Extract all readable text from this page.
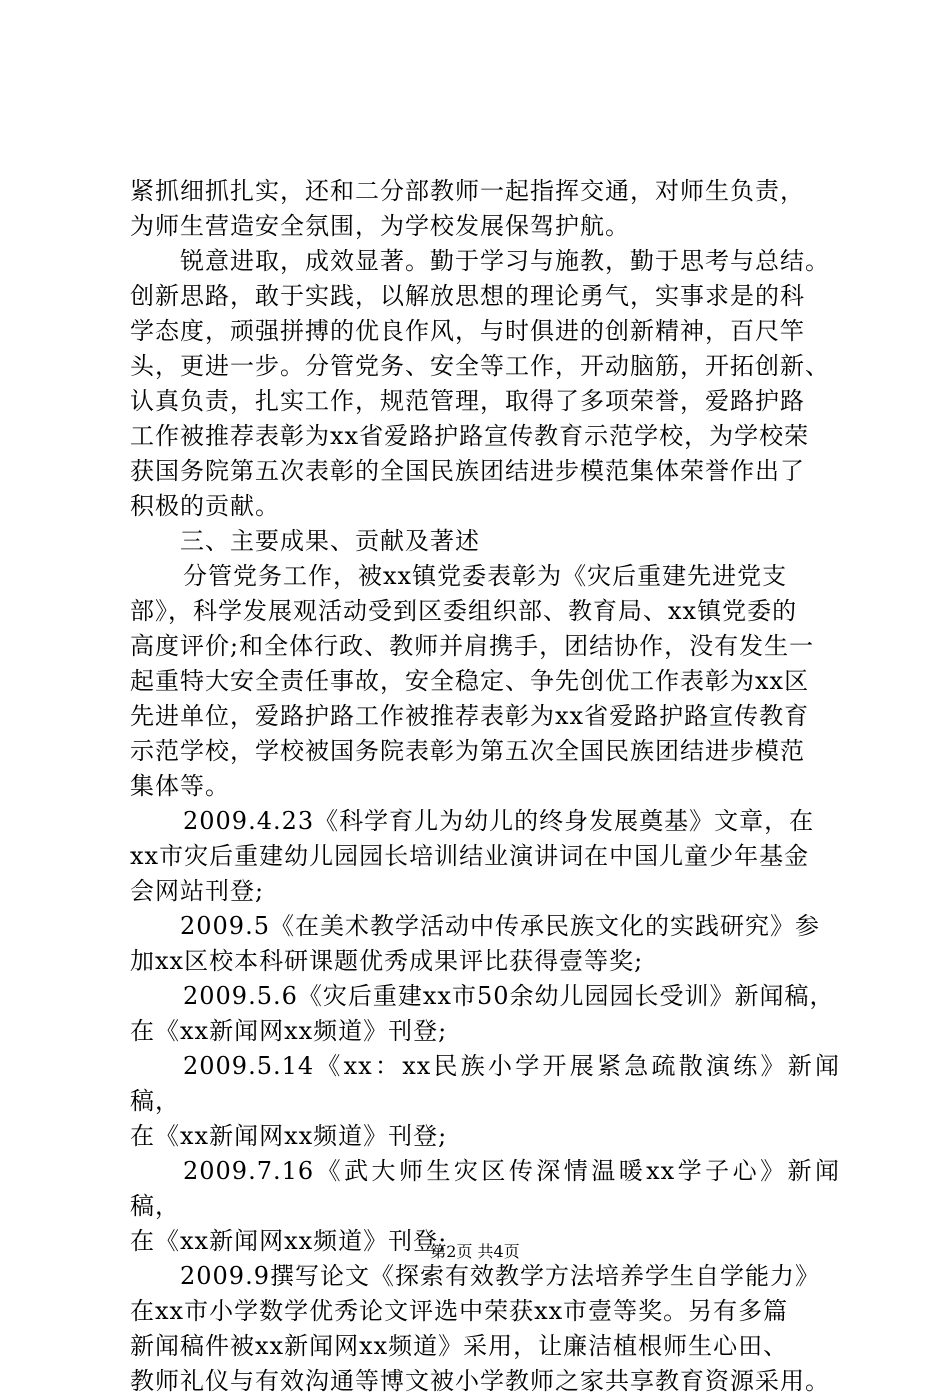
紧抓细抓扎实，还和二分部教师一起指挥交通，对师生负责，
为师生营造安全氛围，为学校发展保驾护航。

锐意进取，成效显著。勤于学习与施教，勤于思考与总结。
创新思路，敢于实践，以解放思想的理论勇气，实事求是的科
学态度，顽强拼搏的优良作风，与时俱进的创新精神，百尺竿
头，更进一步。分管党务、安全等工作，开动脑筋，开拓创新、
认真负责，扎实工作，规范管理，取得了多项荣誉，爱路护路
工作被推荐表彰为xx省爱路护路宣传教育示范学校，为学校荣
获国务院第五次表彰的全国民族团结进步模范集体荣誉作出了
积极的贡献。

三、主要成果、贡献及著述

分管党务工作，被xx镇党委表彰为《灾后重建先进党支
部》，科学发展观活动受到区委组织部、教育局、xx镇党委的
高度评价;和全体行政、教师并肩携手，团结协作，没有发生一
起重特大安全责任事故，安全稳定、争先创优工作表彰为xx区
先进单位，爱路护路工作被推荐表彰为xx省爱路护路宣传教育
示范学校，学校被国务院表彰为第五次全国民族团结进步模范
集体等。

2009.4.23《科学育儿为幼儿的终身发展奠基》文章，在
xx市灾后重建幼儿园园长培训结业演讲词在中国儿童少年基金
会网站刊登;

2009.5《在美术教学活动中传承民族文化的实践研究》参
加xx区校本科研课题优秀成果评比获得壹等奖;

2009.5.6《灾后重建xx市50余幼儿园园长受训》新闻稿，
在《xx新闻网xx频道》刊登;

2009.5.14《xx：xx民族小学开展紧急疏散演练》新闻稿，
在《xx新闻网xx频道》刊登;

2009.7.16《武大师生灾区传深情温暖xx学子心》新闻稿，
在《xx新闻网xx频道》刊登;

2009.9撰写论文《探索有效教学方法培养学生自学能力》
在xx市小学数学优秀论文评选中荣获xx市壹等奖。另有多篇
新闻稿件被xx新闻网xx频道》采用，让廉洁植根师生心田、
教师礼仪与有效沟通等博文被小学教师之家共享教育资源采用。

第2页 共4页
